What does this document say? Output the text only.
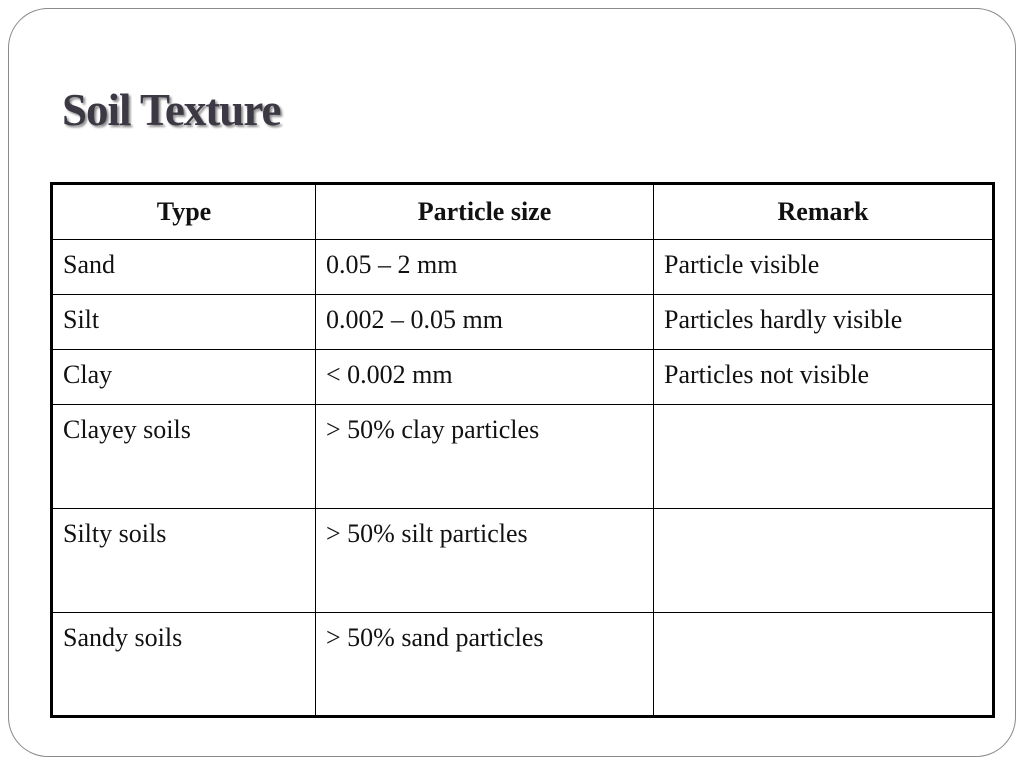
Soil Texture
Type	Particle size	Remark
Sand	0.05 – 2 mm	Particle visible
Silt	0.002 – 0.05 mm	Particles hardly visible
Clay	< 0.002 mm	Particles not visible
Clayey soils	> 50% clay particles	
Silty soils	> 50% silt particles	
Sandy soils	> 50% sand particles	
